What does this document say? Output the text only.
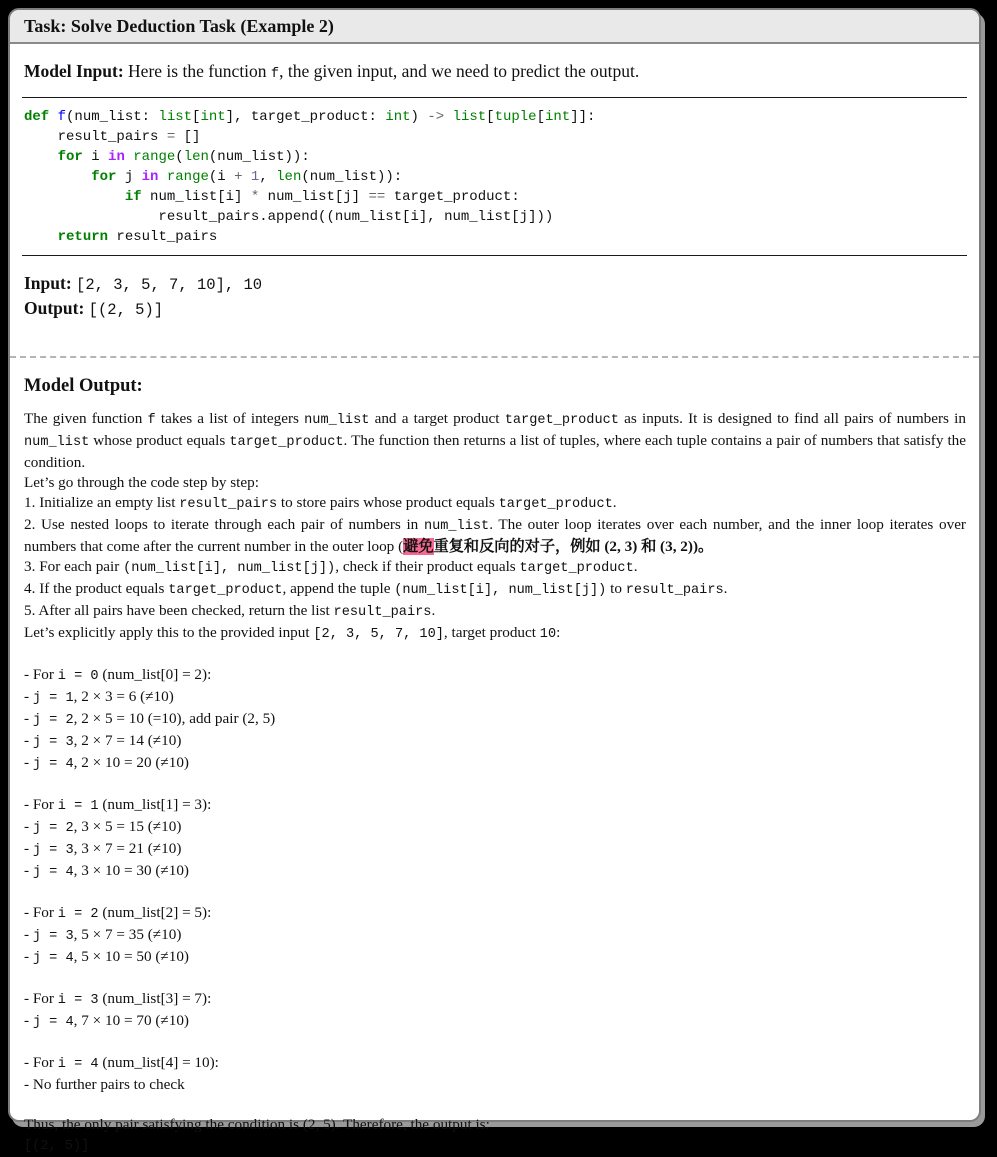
Task: Solve Deduction Task (Example 2)
Model Input: Here is the function f, the given input, and we need to predict the output.
def f(num_list: list[int], target_product: int) -> list[tuple[int]]:
result_pairs = []
for i in range(len(num_list)):
for j in range(i + 1, len(num_list)):
if num_list[i] * num_list[j] == target_product:
result_pairs.append((num_list[i], num_list[j]))
return result_pairs
Input: [2, 3, 5, 7, 10], 10
Output: [(2, 5)]
Model Output:
The given function f takes a list of integers num_list and a target product target_product as inputs. It is designed to find all pairs of numbers in num_list whose product equals target_product. The function then returns a list of tuples, where each tuple contains a pair of numbers that satisfy the condition.
Let’s go through the code step by step:
1. Initialize an empty list result_pairs to store pairs whose product equals target_product.
2. Use nested loops to iterate through each pair of numbers in num_list. The outer loop iterates over each number, and the inner loop iterates over numbers that come after the current number in the outer loop (避免重复和反向的对子，例如 (2, 3) 和 (3, 2))。
3. For each pair (num_list[i], num_list[j]), check if their product equals target_product.
4. If the product equals target_product, append the tuple (num_list[i], num_list[j]) to result_pairs.
5. After all pairs have been checked, return the list result_pairs.
Let’s explicitly apply this to the provided input [2, 3, 5, 7, 10], target product 10:
- For i = 0 (num_list[0] = 2):
- j = 1, 2 × 3 = 6 (≠10)
- j = 2, 2 × 5 = 10 (=10), add pair (2, 5)
- j = 3, 2 × 7 = 14 (≠10)
- j = 4, 2 × 10 = 20 (≠10)
- For i = 1 (num_list[1] = 3):
- j = 2, 3 × 5 = 15 (≠10)
- j = 3, 3 × 7 = 21 (≠10)
- j = 4, 3 × 10 = 30 (≠10)
- For i = 2 (num_list[2] = 5):
- j = 3, 5 × 7 = 35 (≠10)
- j = 4, 5 × 10 = 50 (≠10)
- For i = 3 (num_list[3] = 7):
- j = 4, 7 × 10 = 70 (≠10)
- For i = 4 (num_list[4] = 10):
- No further pairs to check
Thus, the only pair satisfying the condition is (2, 5). Therefore, the output is:
[(2, 5)]
